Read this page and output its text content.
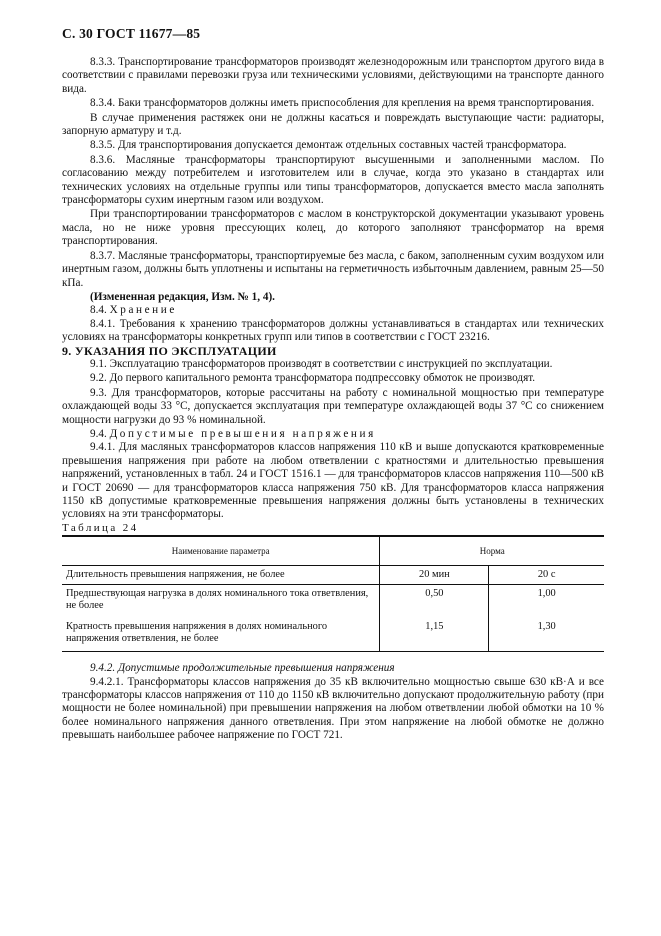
С. 30 ГОСТ 11677—85

8.3.3. Транспортирование трансформаторов производят железнодорожным или транспортом другого вида в соответствии с правилами перевозки груза или техническими условиями, действующими на транспорте данного вида.

8.3.4. Баки трансформаторов должны иметь приспособления для крепления на время транспортирования.

В случае применения растяжек они не должны касаться и повреждать выступающие части: радиаторы, запорную арматуру и т.д.

8.3.5. Для транспортирования допускается демонтаж отдельных составных частей трансформатора.

8.3.6. Масляные трансформаторы транспортируют высушенными и заполненными маслом. По согласованию между потребителем и изготовителем или в случае, когда это указано в стандартах или технических условиях на отдельные группы или типы трансформаторов, допускается вместо масла заполнять трансформаторы сухим инертным газом или воздухом.

При транспортировании трансформаторов с маслом в конструкторской документации указывают уровень масла, но не ниже уровня прессующих колец, до которого заполняют трансформатор на время транспортирования.

8.3.7. Масляные трансформаторы, транспортируемые без масла, с баком, заполненным сухим воздухом или инертным газом, должны быть уплотнены и испытаны на герметичность избыточным давлением, равным 25—50 кПа.

(Измененная редакция, Изм. № 1, 4).

8.4. Хранение

8.4.1. Требования к хранению трансформаторов должны устанавливаться в стандартах или технических условиях на трансформаторы конкретных групп или типов в соответствии с ГОСТ 23216.

9. УКАЗАНИЯ ПО ЭКСПЛУАТАЦИИ

9.1. Эксплуатацию трансформаторов производят в соответствии с инструкцией по эксплуатации.

9.2. До первого капитального ремонта трансформатора подпрессовку обмоток не производят.

9.3. Для трансформаторов, которые рассчитаны на работу с номинальной мощностью при температуре охлаждающей воды 33 °С, допускается эксплуатация при температуре охлаждающей воды 37 °С со снижением мощности нагрузки до 93 % номинальной.

9.4. Допустимые превышения напряжения

9.4.1. Для масляных трансформаторов классов напряжения 110 кВ и выше допускаются кратковременные превышения напряжения при работе на любом ответвлении с кратностями и длительностью превышения напряжений, установленных в табл. 24 и ГОСТ 1516.1 — для трансформаторов классов напряжения 110—500 кВ и ГОСТ 20690 — для трансформаторов класса напряжения 750 кВ. Для трансформаторов класса напряжения 1150 кВ допустимые кратковременные превышения напряжения должны быть установлены в технических условиях на эти трансформаторы.

Таблица 24

Наименование параметра	Норма	
Длительность превышения напряжения, не более	20 мин	20 с
Предшествующая нагрузка в долях номинального тока ответвления, не более	0,50	1,00
Кратность превышения напряжения в долях номинального напряжения ответвления, не более	1,15	1,30

9.4.2. Допустимые продолжительные превышения напряжения

9.4.2.1. Трансформаторы классов напряжения до 35 кВ включительно мощностью свыше 630 кВ·А и все трансформаторы классов напряжения от 110 до 1150 кВ включительно допускают продолжительную работу (при мощности не более номинальной) при превышении напряжения на любом ответвлении любой обмотки на 10 % более номинального напряжения данного ответвления. При этом напряжение на любой обмотке не должно превышать наибольшее рабочее напряжение по ГОСТ 721.
